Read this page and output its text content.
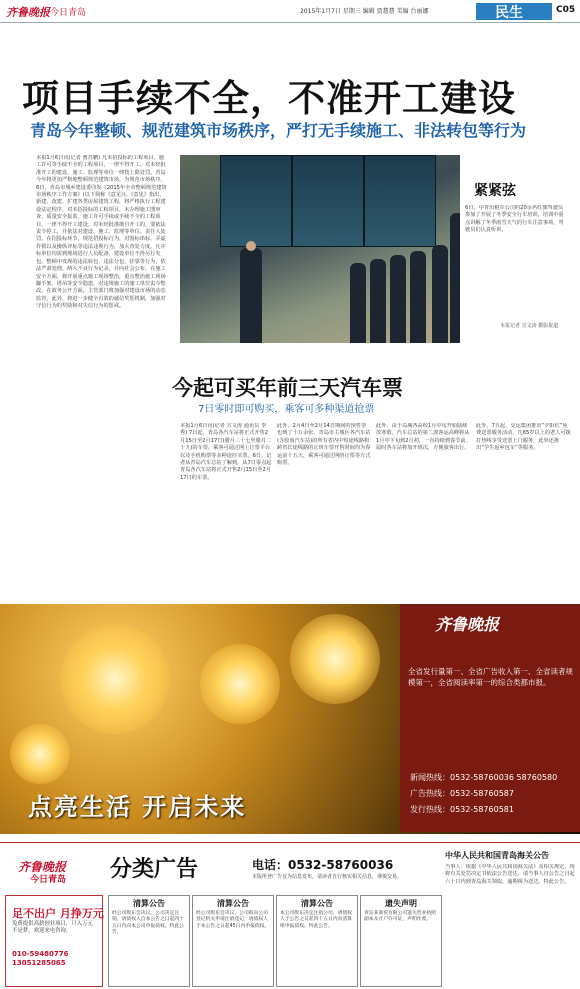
齐鲁晚报 今日青岛	2015年1月7日 星期三 编辑 贾慧慧 美编 台丽娜	民生	C05
项目手续不全，不准开工建设
青岛今年整顿、规范建筑市场秩序，严打无手续施工、非法转包等行为
本报1月6日讯(记者 曹苏鹏) 凡未招投标的工程项目，施工许可等手续不全的工程项目，一律不得开工。对未经批准开工的建设、施工、监理等单位一律按上限处罚。青岛今年将更加严格地整顿规范建筑市场。为规范市场秩序，6日，青岛市城乡建设委印发《2015年全市整顿规范建筑市场秩序工作方案》(以下简称《意见》)。《意见》指出，新建、改建、扩建各类房屋建筑工程，将严格执行工程建设法定程序，对未招投标的工程项目，未办理施工图审查、质量安全报监、施工许可手续或手续不全的工程项目，一律不得开工建设。对未经批准擅自开工的，要依法责令停工，并依法对建设、施工、监理等单位、责任人处罚。在招投标环节，规范招投标行为，对围标串标、弄虚作假以及操纵评标等违法违规行为，加大查处力度。凡中标单位均需到现场进行人员配备，建设单位不得另行发包。整顿中发现的违法转包、违法分包、挂靠等行为，依法严肃处理，纳入不良行为记录，并向社会公布。在施工安全方面，将开展重点施工现场整治，重点整治施工现场脚手架、塔吊等安全隐患，对违规施工的施工单位责令整改。在政务公开方面，主管部门将加强对建设市场的动态监管，此外，将进一步健全有效的诚信奖惩机制，加强对守信行为的奖励和对失信行为的惩戒。
紧紧弦
6日，中青出租车公司约20余名红旗驾驶员参加了开展了冬季安全行车培训，培训中重点讲解了冬季雨雪天气的行车注意事项，驾驶员们认真听讲。
本报记者 宣文涛 摄影报道
今起可买年前三天汽车票
7日零时即可购买，乘客可多种渠道抢票
本报1月6日讯(记者 宣文涛 通讯员 李秀) 7日起，青岛各汽车站将正式开售2月15日至2月17日(腊月二十七至腊月二十九)的车票，乘客可通过网上订票平台以及手机购票等多种途径买票。6日，记者从青岛汽车总站了解到，从7日零点起青岛各汽车站将正式开售2月15日至2月17日的车票。
此外，2月4日至2月14日期间的预售票也到了十万余张。青岛市主城区各汽车站(含胶南汽车站)的所有省内中短途线路和跨省长途线路的正班车票开售时间均为春运前十五天，乘客可通过网络订票等方式购票。
此外，由于岛城各高校1月中旬开始陆续放寒假，汽车总站的第二波客运高峰将从1月中下旬到2月初，一直持续到春节前。届时各车站将加开班次，方便旅客出行。
此外，7日起，交运集团推出“夕阳红”免费送票服务活动，凡65岁以上的老人可拨打热线享受送票上门服务，此外还推出“学生返乡包车”等服务。
齐鲁晚报
全省发行量第一、全省广告收入第一、全省读者规模第一，全省阅读率第一的综合类都市报。
新闻热线：0532-58760036 58760580
广告热线：0532-58760587
发行热线：0532-58760581
点亮生活 开启未来
齐鲁晚报
今日青岛 分类广告	电话：0532-58760036
本版所登广告仅为信息发布，请读者自行核实相关信息，谨慎交易。
足不出户 月挣万元
免费提供高薪创业项目，月入万元不是梦，欢迎来电咨询。
010-59480776
13051285065
清算公告
经公司股东会决议，公司决定注销，请债权人自本公告之日起四十五日内向本公司申报债权。特此公告。
清算公告
经公司股东会决议，公司拟向公司登记机关申请注销登记，请债权人于本公告之日起45日内申报债权。
清算公告
本公司股东决定注销公司，请债权人于公告之日起四十五日内向清算组申报债权。特此公告。
遗失声明
青岛某商贸有限公司遗失营业执照副本及开户许可证，声明作废。
中华人民共和国青岛海关公告
当事人：依据《中华人民共和国海关法》及相关规定，现将有关处罚决定书依法公告送达，请当事人自公告之日起六十日内到青岛海关领取，逾期视为送达。特此公告。
